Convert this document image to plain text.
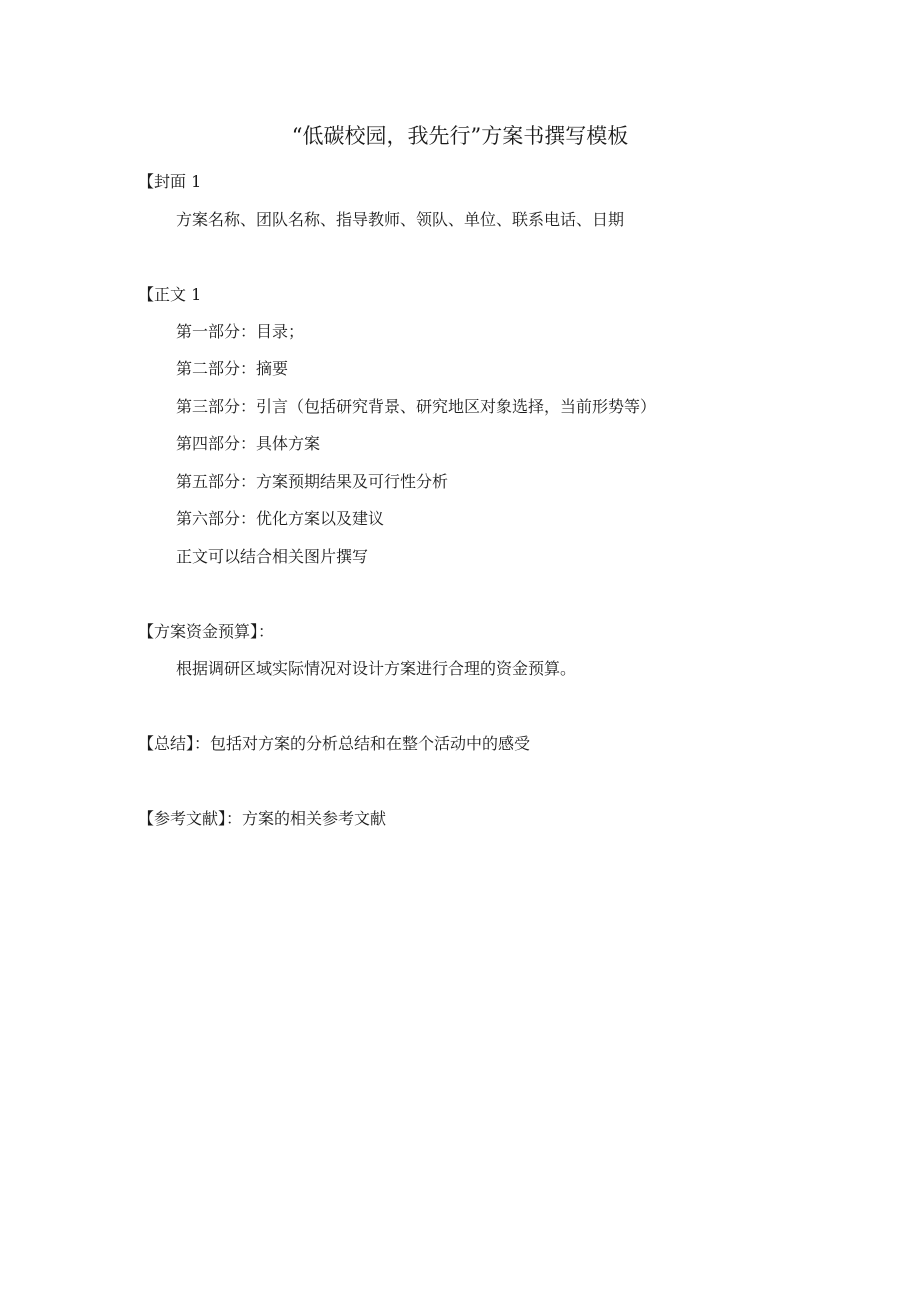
“低碳校园，我先行”方案书撰写模板
【封面 1
方案名称、团队名称、指导教师、领队、单位、联系电话、日期
【正文 1
第一部分：目录；
第二部分：摘要
第三部分：引言（包括研究背景、研究地区对象选择，当前形势等）
第四部分：具体方案
第五部分：方案预期结果及可行性分析
第六部分：优化方案以及建议
正文可以结合相关图片撰写
【方案资金预算】：
根据调研区域实际情况对设计方案进行合理的资金预算。
【总结】：包括对方案的分析总结和在整个活动中的感受
【参考文献】：方案的相关参考文献
